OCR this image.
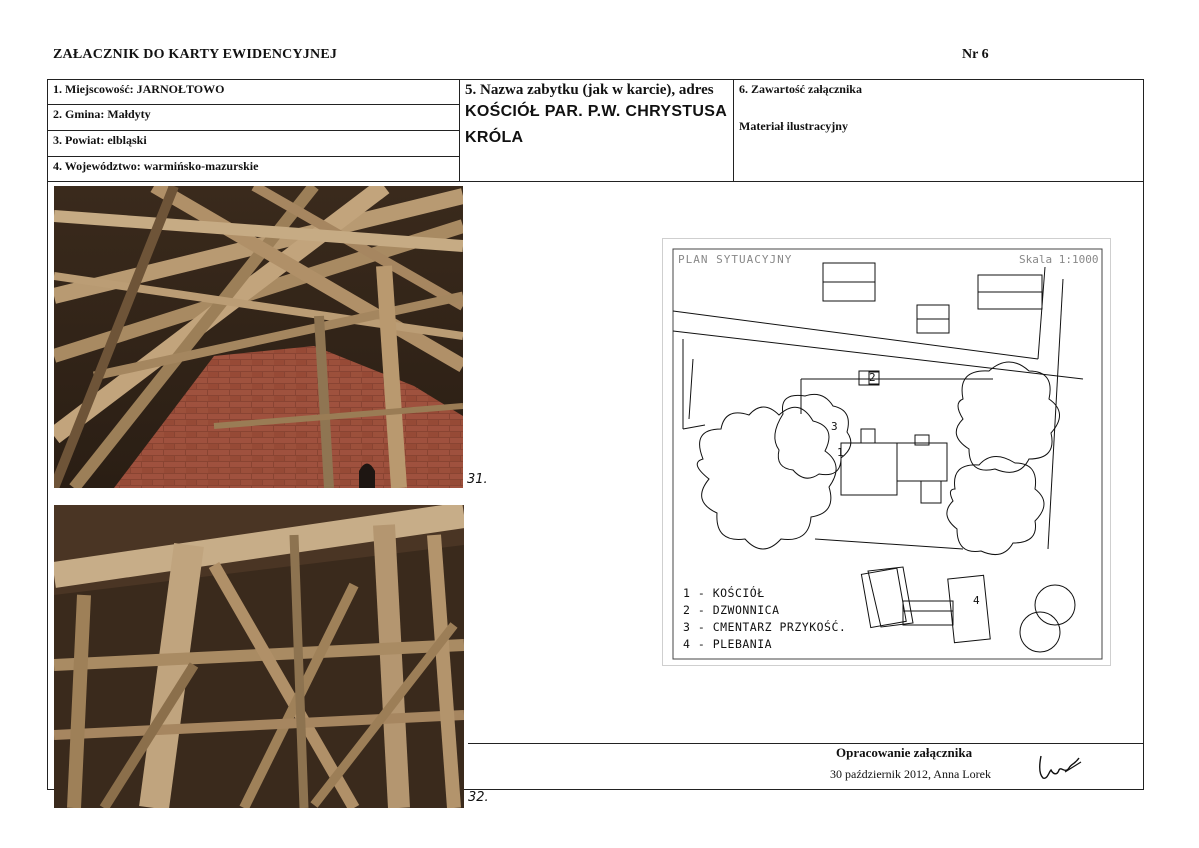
ZAŁACZNIK DO KARTY EWIDENCYJNEJ	Nr 6
1. Miejscowość: JARNOŁTOWO
2. Gmina: Małdyty
3. Powiat: elbląski
4. Województwo: warmińsko-mazurskie
5. Nazwa zabytku (jak w karcie), adres
KOŚCIÓŁ PAR. P.W. CHRYSTUSA
KRÓLA
6. Zawartość załącznika
Materiał ilustracyjny
31.
32.
PLAN SYTUACYJNY	Skala 1:1000
1
2
3
4
1 - KOŚCIÓŁ
2 - DZWONNICA
3 - CMENTARZ PRZYKOŚĆ.
4 - PLEBANIA
Opracowanie załącznika
30 październik 2012, Anna Lorek
